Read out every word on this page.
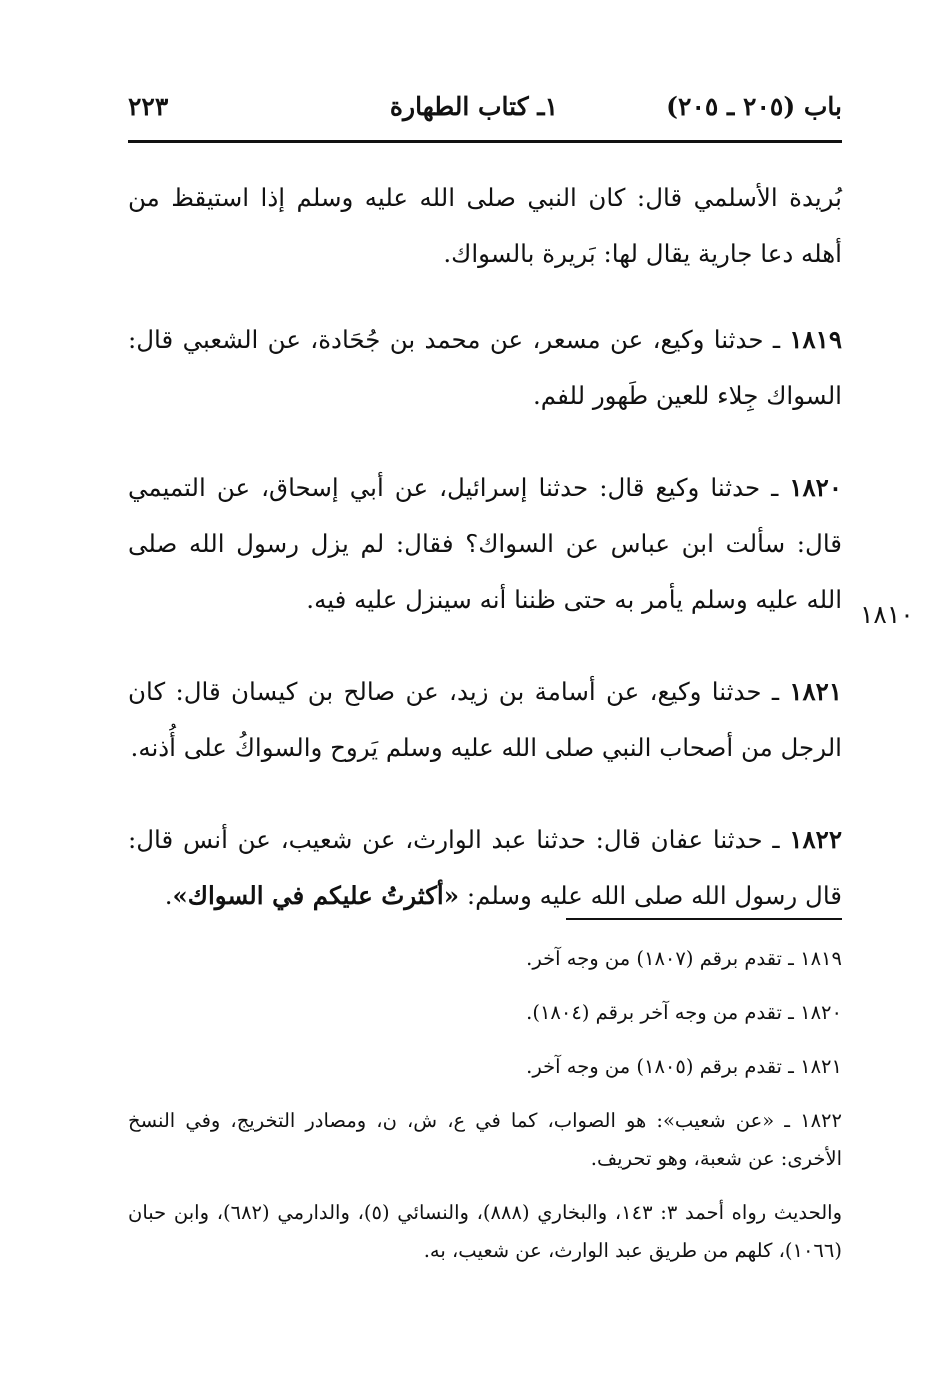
باب (٢٠٥ ـ ٢٠٥)
١ـ كتاب الطهارة
٢٢٣

بُريدة الأسلمي قال: كان النبي صلى الله عليه وسلم إذا استيقظ من أهله دعا جارية يقال لها: بَريرة بالسواك.

١٨١٩ ـ حدثنا وكيع، عن مسعر، عن محمد بن جُحَادة، عن الشعبي قال: السواك جِلاء للعين طَهور للفم.

١٨٢٠ ـ حدثنا وكيع قال: حدثنا إسرائيل، عن أبي إسحاق، عن التميمي قال: سألت ابن عباس عن السواك؟ فقال: لم يزل رسول الله صلى الله عليه وسلم يأمر به حتى ظننا أنه سينزل عليه فيه.

١٨٢١ ـ حدثنا وكيع، عن أسامة بن زيد، عن صالح بن كيسان قال: كان الرجل من أصحاب النبي صلى الله عليه وسلم يَروح والسواكُ على أُذنه.

١٨٢٢ ـ حدثنا عفان قال: حدثنا عبد الوارث، عن شعيب، عن أنس قال: قال رسول الله صلى الله عليه وسلم: «أكثرتُ عليكم في السواك».

١٨١٠

١٨١٩ ـ تقدم برقم (١٨٠٧) من وجه آخر.

١٨٢٠ ـ تقدم من وجه آخر برقم (١٨٠٤).

١٨٢١ ـ تقدم برقم (١٨٠٥) من وجه آخر.

١٨٢٢ ـ «عن شعيب»: هو الصواب، كما في ع، ش، ن، ومصادر التخريج، وفي النسخ الأخرى: عن شعبة، وهو تحريف.

والحديث رواه أحمد ٣: ١٤٣، والبخاري (٨٨٨)، والنسائي (٥)، والدارمي (٦٨٢)، وابن حبان (١٠٦٦)، كلهم من طريق عبد الوارث، عن شعيب، به.
